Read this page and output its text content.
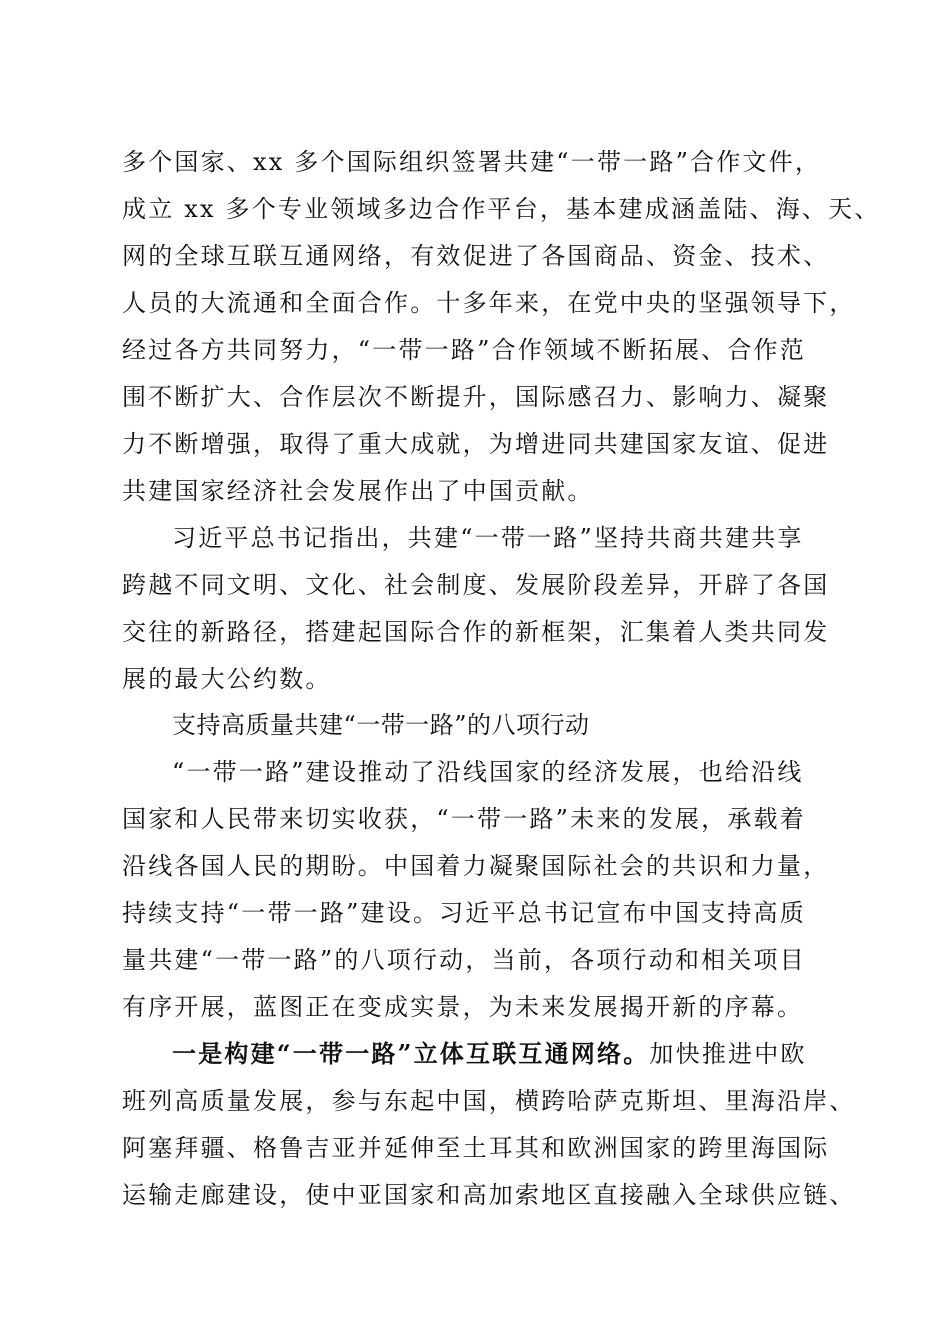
多个国家、xx 多个国际组织签署共建“一带一路”合作文件，
成立 xx 多个专业领域多边合作平台，基本建成涵盖陆、海、天、
网的全球互联互通网络，有效促进了各国商品、资金、技术、
人员的大流通和全面合作。十多年来，在党中央的坚强领导下，
经过各方共同努力，“一带一路”合作领域不断拓展、合作范
围不断扩大、合作层次不断提升，国际感召力、影响力、凝聚
力不断增强，取得了重大成就，为增进同共建国家友谊、促进
共建国家经济社会发展作出了中国贡献。
习近平总书记指出，共建“一带一路”坚持共商共建共享
跨越不同文明、文化、社会制度、发展阶段差异，开辟了各国
交往的新路径，搭建起国际合作的新框架，汇集着人类共同发
展的最大公约数。
支持高质量共建“一带一路”的八项行动
“一带一路”建设推动了沿线国家的经济发展，也给沿线
国家和人民带来切实收获，“一带一路”未来的发展，承载着
沿线各国人民的期盼。中国着力凝聚国际社会的共识和力量，
持续支持“一带一路”建设。习近平总书记宣布中国支持高质
量共建“一带一路”的八项行动，当前，各项行动和相关项目
有序开展，蓝图正在变成实景，为未来发展揭开新的序幕。
一是构建“一带一路”立体互联互通网络。加快推进中欧
班列高质量发展，参与东起中国，横跨哈萨克斯坦、里海沿岸、
阿塞拜疆、格鲁吉亚并延伸至土耳其和欧洲国家的跨里海国际
运输走廊建设，使中亚国家和高加索地区直接融入全球供应链、
